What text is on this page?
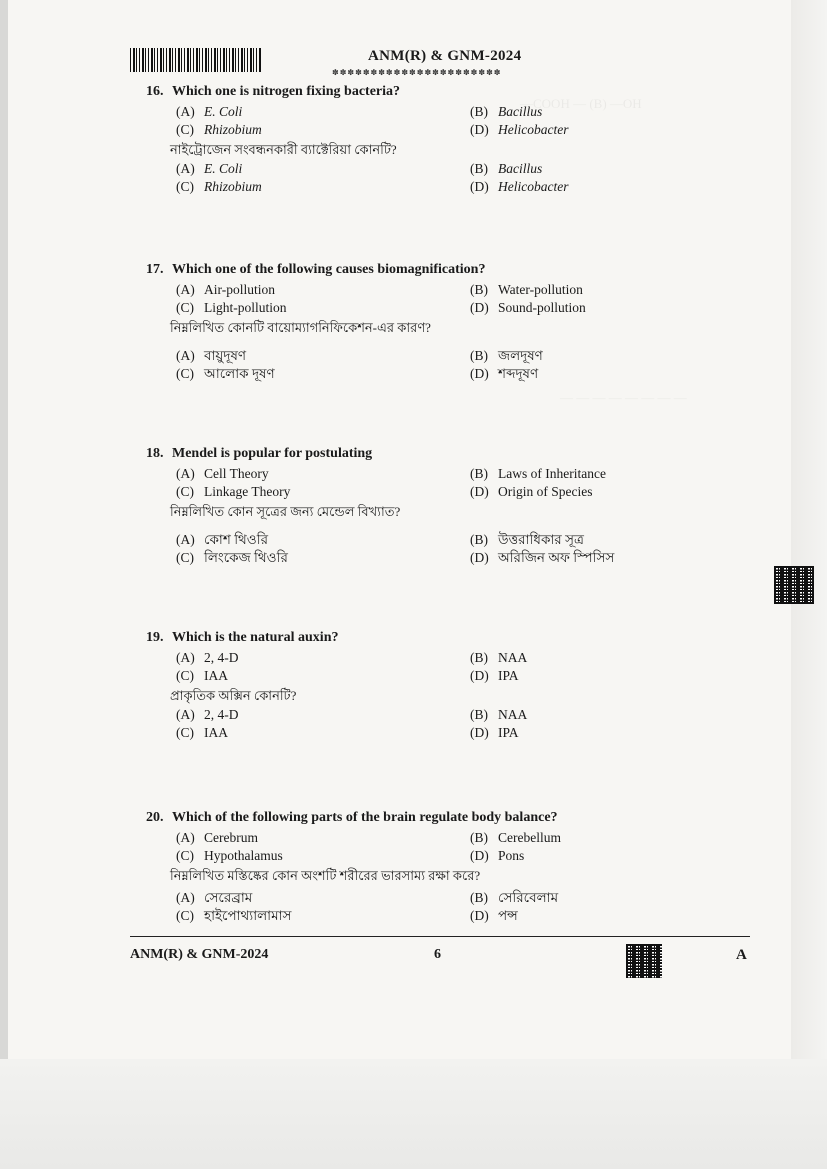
—COOH — (B) —OH
— — — — — — — —
ANM(R) & GNM-2024
✽✽✽✽✽✽✽✽✽✽✽✽✽✽✽✽✽✽✽✽✽✽
16. Which one is nitrogen fixing bacteria?
(A) E. Coli	(B) Bacillus
(C) Rhizobium	(D) Helicobacter
নাইট্রোজেন সংবন্ধনকারী ব্যাক্টেরিয়া কোনটি?
(A) E. Coli	(B) Bacillus
(C) Rhizobium	(D) Helicobacter
17. Which one of the following causes biomagnification?
(A) Air-pollution	(B) Water-pollution
(C) Light-pollution	(D) Sound-pollution
নিম্নলিখিত কোনটি বায়োম্যাগনিফিকেশন-এর কারণ?
(A) বায়ুদূষণ	(B) জলদূষণ
(C) আলোক দূষণ	(D) শব্দদূষণ
18. Mendel is popular for postulating
(A) Cell Theory	(B) Laws of Inheritance
(C) Linkage Theory	(D) Origin of Species
নিম্নলিখিত কোন সূত্রের জন্য মেন্ডেল বিখ্যাত?
(A) কোশ থিওরি	(B) উত্তরাধিকার সূত্র
(C) লিংকেজ থিওরি	(D) অরিজিন অফ স্পিসিস
19. Which is the natural auxin?
(A) 2, 4-D	(B) NAA
(C) IAA	(D) IPA
প্রাকৃতিক অক্সিন কোনটি?
(A) 2, 4-D	(B) NAA
(C) IAA	(D) IPA
20. Which of the following parts of the brain regulate body balance?
(A) Cerebrum	(B) Cerebellum
(C) Hypothalamus	(D) Pons
নিম্নলিখিত মস্তিষ্কের কোন অংশটি শরীরের ভারসাম্য রক্ষা করে?
(A) সেরেব্রাম	(B) সেরিবেলাম
(C) হাইপোথ্যালামাস	(D) পন্স
ANM(R) & GNM-2024	6	A
